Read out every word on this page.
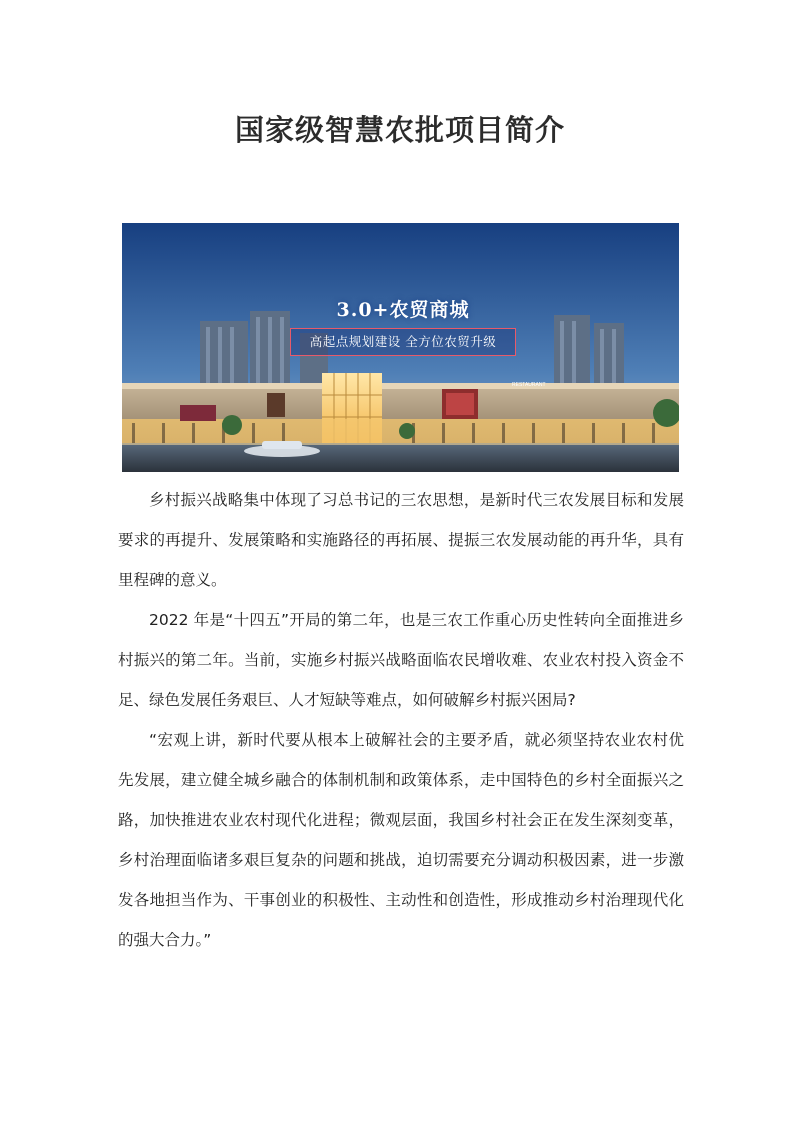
国家级智慧农批项目简介
RESTAURANT
3.0+农贸商城
高起点规划建设 全方位农贸升级

乡村振兴战略集中体现了习总书记的三农思想，是新时代三农发展目标和发展要求的再提升、发展策略和实施路径的再拓展、提振三农发展动能的再升华，具有里程碑的意义。

2022 年是“十四五”开局的第二年，也是三农工作重心历史性转向全面推进乡村振兴的第二年。当前，实施乡村振兴战略面临农民增收难、农业农村投入资金不足、绿色发展任务艰巨、人才短缺等难点，如何破解乡村振兴困局?

“宏观上讲，新时代要从根本上破解社会的主要矛盾，就必须坚持农业农村优先发展，建立健全城乡融合的体制机制和政策体系，走中国特色的乡村全面振兴之路，加快推进农业农村现代化进程；微观层面，我国乡村社会正在发生深刻变革，乡村治理面临诸多艰巨复杂的问题和挑战，迫切需要充分调动积极因素，进一步激发各地担当作为、干事创业的积极性、主动性和创造性，形成推动乡村治理现代化的强大合力。”
